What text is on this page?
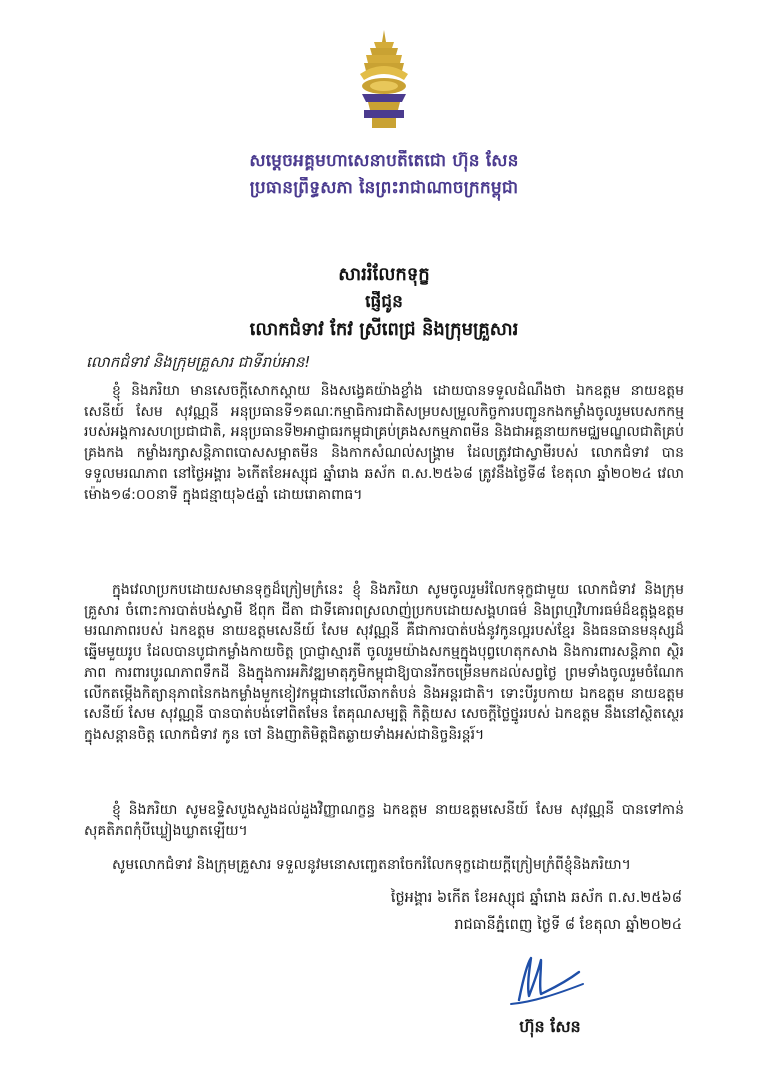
សម្តេចអគ្គមហាសេនាបតីតេជោ ហ៊ុន សែន
ប្រធានព្រឹទ្ធសភា នៃព្រះរាជាណាចក្រកម្ពុជា
សាររំលែកទុក្ខ
ផ្ញើជូន
លោកជំទាវ កែវ ស្រីពេជ្រ និងក្រុមគ្រួសារ
លោកជំទាវ និងក្រុមគ្រួសារ ជាទីរាប់អាន!
ខ្ញុំ និងភរិយា មានសេចក្តីសោកស្តាយ និងសង្វេគយ៉ាងខ្លាំង ដោយបានទទួលដំណឹងថា ឯកឧត្តម នាយឧត្តមសេនីយ៍ សែម សុវណ្ណនី អនុប្រធានទី១គណៈកម្មាធិការជាតិសម្របសម្រួលកិច្ចការបញ្ជូនកងកម្លាំងចូលរួមបេសកកម្មរបស់អង្គការសហប្រជាជាតិ, អនុប្រធានទី២អាជ្ញាធរកម្ពុជាគ្រប់គ្រងសកម្មភាពមីន និងជាអគ្គនាយកមជ្ឈមណ្ឌលជាតិគ្រប់គ្រងកង កម្លាំងរក្សាសន្តិភាពបោសសម្អាតមីន និងកាកសំណល់សង្គ្រាម ដែលត្រូវជាស្វាមីរបស់ លោកជំទាវ បានទទួលមរណភាព នៅថ្ងៃអង្គារ ៦កើតខែអស្សុជ ឆ្នាំរោង ឆស័ក ព.ស.២៥៦៨ ត្រូវនឹងថ្ងៃទី៨ ខែតុលា ឆ្នាំ២០២៤ វេលាម៉ោង១៨:០០នាទី ក្នុងជន្មាយុ៦៥ឆ្នាំ ដោយរោគាពាធ។
ក្នុងវេលាប្រកបដោយសមានទុក្ខដ៏ក្រៀមក្រំនេះ ខ្ញុំ និងភរិយា សូមចូលរួមរំលែកទុក្ខជាមួយ លោកជំទាវ និងក្រុមគ្រួសារ ចំពោះការបាត់បង់ស្វាមី ឪពុក ជីតា ជាទីគោរពស្រលាញ់ប្រកបដោយសង្គហធម៌ និងព្រហ្មវិហារធម៌ដ៏ឧត្តុង្គឧត្តម មរណភាពរបស់ ឯកឧត្តម នាយឧត្តមសេនីយ៍ សែម សុវណ្ណនី គឺជាការបាត់បង់នូវកូនល្អរបស់ខ្មែរ និងធនធានមនុស្សដ៏ឆ្នើមមួយរូប ដែលបានបូជាកម្លាំងកាយចិត្ត ប្រាជ្ញាស្មារតី ចូលរួមយ៉ាងសកម្មក្នុងបុព្វហេតុកសាង និងការពារសន្តិភាព ស្ថិរភាព ការពារបូរណភាពទឹកដី និងក្នុងការអភិវឌ្ឍមាតុភូមិកម្ពុជាឱ្យបានរីកចម្រើនមកដល់សព្វថ្ងៃ ព្រមទាំងចូលរួមចំណែកលើកតម្កើងកិត្យានុភាពនៃកងកម្លាំងមួកខៀវកម្ពុជានៅលើឆាកតំបន់ និងអន្តរជាតិ។ ទោះបីរូបកាយ ឯកឧត្តម នាយឧត្តមសេនីយ៍ សែម សុវណ្ណនី បានបាត់បង់ទៅពិតមែន តែគុណសម្បត្តិ កិត្តិយស សេចក្តីថ្លៃថ្នូររបស់ ឯកឧត្តម នឹងនៅស្ថិតស្ថេរក្នុងសន្តានចិត្ត លោកជំទាវ កូន ចៅ និងញាតិមិត្តជិតឆ្ងាយទាំងអស់ជានិច្ចនិរន្តរ៍។
ខ្ញុំ និងភរិយា សូមឧទ្ទិសបួងសួងដល់ដួងវិញ្ញាណក្ខន្ធ ឯកឧត្តម នាយឧត្តមសេនីយ៍ សែម សុវណ្ណនី បានទៅកាន់សុគតិភពកុំបីឃ្លៀងឃ្លាតឡើយ។
សូមលោកជំទាវ និងក្រុមគ្រួសារ ទទួលនូវមនោសញ្ចេតនាចែករំលែកទុក្ខដោយក្តីក្រៀមក្រំពីខ្ញុំនិងភរិយា។
ថ្ងៃអង្គារ ៦កើត ខែអស្សុជ ឆ្នាំរោង ឆស័ក ព.ស.២៥៦៨
រាជធានីភ្នំពេញ ថ្ងៃទី ៨ ខែតុលា ឆ្នាំ២០២៤
ហ៊ុន សែន
